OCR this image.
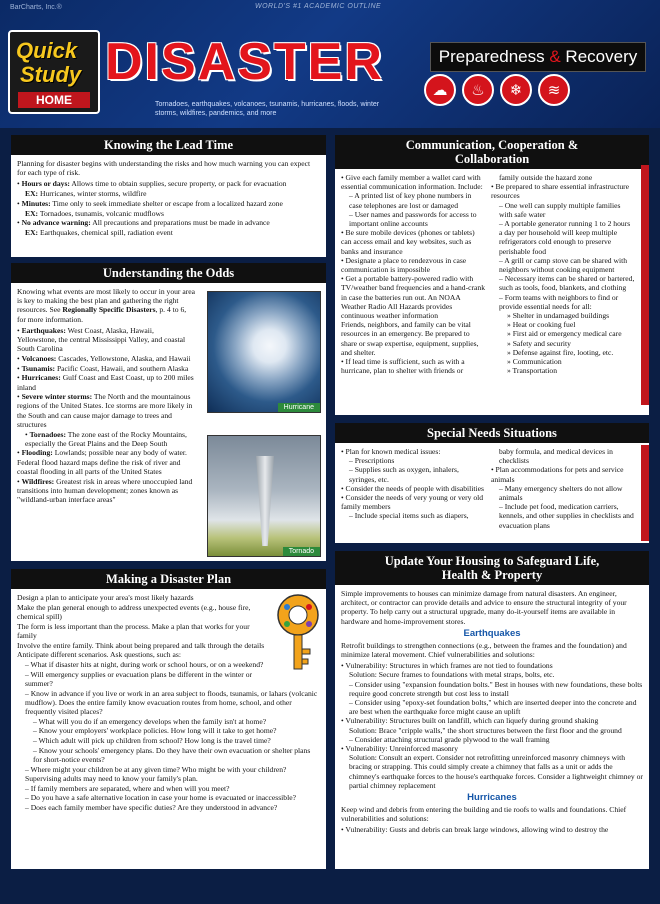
BarCharts, Inc.®	WORLD'S #1 ACADEMIC OUTLINE
Quick
Study
HOME
DISASTER	Preparedness & Recovery
☁	♨	❄	≋
Tornadoes, earthquakes, volcanoes, tsunamis, hurricanes, floods, winter storms, wildfires, pandemics, and more
Knowing the Lead Time

Planning for disaster begins with understanding the risks and how much warning you can expect for each type of risk.

• Hours or days: Allows time to obtain supplies, secure property, or pack for evacuation
EX: Hurricanes, winter storms, wildfire
• Minutes: Time only to seek immediate shelter or escape from a localized hazard zone
EX: Tornadoes, tsunamis, volcanic mudflows
• No advance warning: All precautions and preparations must be made in advance
EX: Earthquakes, chemical spill, radiation event
Understanding the Odds

Knowing what events are most likely to occur in your area is key to making the best plan and gathering the right resources. See Regionally Specific Disasters, p. 4 to 6, for more information.

• Earthquakes: West Coast, Alaska, Hawaii, Yellowstone, the central Mississippi Valley, and coastal South Carolina
• Volcanoes: Cascades, Yellowstone, Alaska, and Hawaii
• Tsunamis: Pacific Coast, Hawaii, and southern Alaska
• Hurricanes: Gulf Coast and East Coast, up to 200 miles inland
• Severe winter storms: The North and the mountainous regions of the United States. Ice storms are more likely in the South and can cause major damage to trees and structures
• Tornadoes: The zone east of the Rocky Mountains, especially the Great Plains and the Deep South
• Flooding: Lowlands; possible near any body of water. Federal flood hazard maps define the risk of river and coastal flooding in all parts of the United States
• Wildfires: Greatest risk in areas where unoccupied land transitions into human development; zones known as "wildland-urban interface areas"
Hurricane
Tornado
Making a Disaster Plan
Design a plan to anticipate your area's most likely hazards
Make the plan general enough to address unexpected events (e.g., house fire, chemical spill)
The form is less important than the process. Make a plan that works for your family
Involve the entire family. Think about being prepared and talk through the details
Anticipate different scenarios. Ask questions, such as:
– What if disaster hits at night, during work or school hours, or on a weekend?
– Will emergency supplies or evacuation plans be different in the winter or summer?
– Know in advance if you live or work in an area subject to floods, tsunamis, or lahars (volcanic mudflow). Does the entire family know evacuation routes from home, school, and other frequently visited places?
– What will you do if an emergency develops when the family isn't at home?
– Know your employers' workplace policies. How long will it take to get home?
– Which adult will pick up children from school? How long is the travel time?
– Know your schools' emergency plans. Do they have their own evacuation or shelter plans for short-notice events?
– Where might your children be at any given time? Who might be with your children? Supervising adults may need to know your family's plan.
– If family members are separated, where and when will you meet?
– Do you have a safe alternative location in case your home is evacuated or inaccessible?
– Does each family member have specific duties? Are they understood in advance?
Communication, Cooperation &
Collaboration
• Give each family member a wallet card with essential communication information. Include:
– A printed list of key phone numbers in case telephones are lost or damaged
– User names and passwords for access to important online accounts
• Be sure mobile devices (phones or tablets) can access email and key websites, such as banks and insurance
• Designate a place to rendezvous in case communication is impossible
• Get a portable battery-powered radio with TV/weather band frequencies and a hand-crank in case the batteries run out. An NOAA Weather Radio All Hazards provides continuous weather information
Friends, neighbors, and family can be vital resources in an emergency. Be prepared to share or swap expertise, equipment, supplies, and shelter.
• If lead time is sufficient, such as with a hurricane, plan to shelter with friends or
family outside the hazard zone
• Be prepared to share essential infrastructure resources
– One well can supply multiple families with safe water
– A portable generator running 1 to 2 hours a day per household will keep multiple refrigerators cold enough to preserve perishable food
– A grill or camp stove can be shared with neighbors without cooking equipment
– Necessary items can be shared or bartered, such as tools, food, blankets, and clothing
– Form teams with neighbors to find or provide essential needs for all:
» Shelter in undamaged buildings
» Heat or cooking fuel
» First aid or emergency medical care
» Safety and security
» Defense against fire, looting, etc.
» Communication
» Transportation
Special Needs Situations
• Plan for known medical issues:
– Prescriptions
– Supplies such as oxygen, inhalers, syringes, etc.
• Consider the needs of people with disabilities
• Consider the needs of very young or very old family members
– Include special items such as diapers,
baby formula, and medical devices in checklists
• Plan accommodations for pets and service animals
– Many emergency shelters do not allow animals
– Include pet food, medication carriers, kennels, and other supplies in checklists and evacuation plans
Update Your Housing to Safeguard Life,
Health & Property

Simple improvements to houses can minimize damage from natural disasters. An engineer, architect, or contractor can provide details and advice to ensure the structural integrity of your property. To help carry out a structural upgrade, many do-it-yourself items are available in hardware and home-improvement stores.

Earthquakes

Retrofit buildings to strengthen connections (e.g., between the frames and the foundation) and minimize lateral movement. Chief vulnerabilities and solutions:

• Vulnerability: Structures in which frames are not tied to foundations
Solution: Secure frames to foundations with metal straps, bolts, etc.
– Consider using "expansion foundation bolts." Best in houses with new foundations, these bolts require good concrete strength but cost less to install
– Consider using "epoxy-set foundation bolts," which are inserted deeper into the concrete and are best when the earthquake force might cause an uplift
• Vulnerability: Structures built on landfill, which can liquefy during ground shaking
Solution: Brace "cripple walls," the short structures between the first floor and the ground
– Consider attaching structural grade plywood to the wall framing
• Vulnerability: Unreinforced masonry
Solution: Consult an expert. Consider not retrofitting unreinforced masonry chimneys with bracing or strapping. This could simply create a chimney that falls as a unit or adds the chimney's earthquake forces to the house's earthquake forces. Consider a lightweight chimney or partial chimney replacement
Hurricanes

Keep wind and debris from entering the building and tie roofs to walls and foundations. Chief vulnerabilities and solutions:

• Vulnerability: Gusts and debris can break large windows, allowing wind to destroy the
